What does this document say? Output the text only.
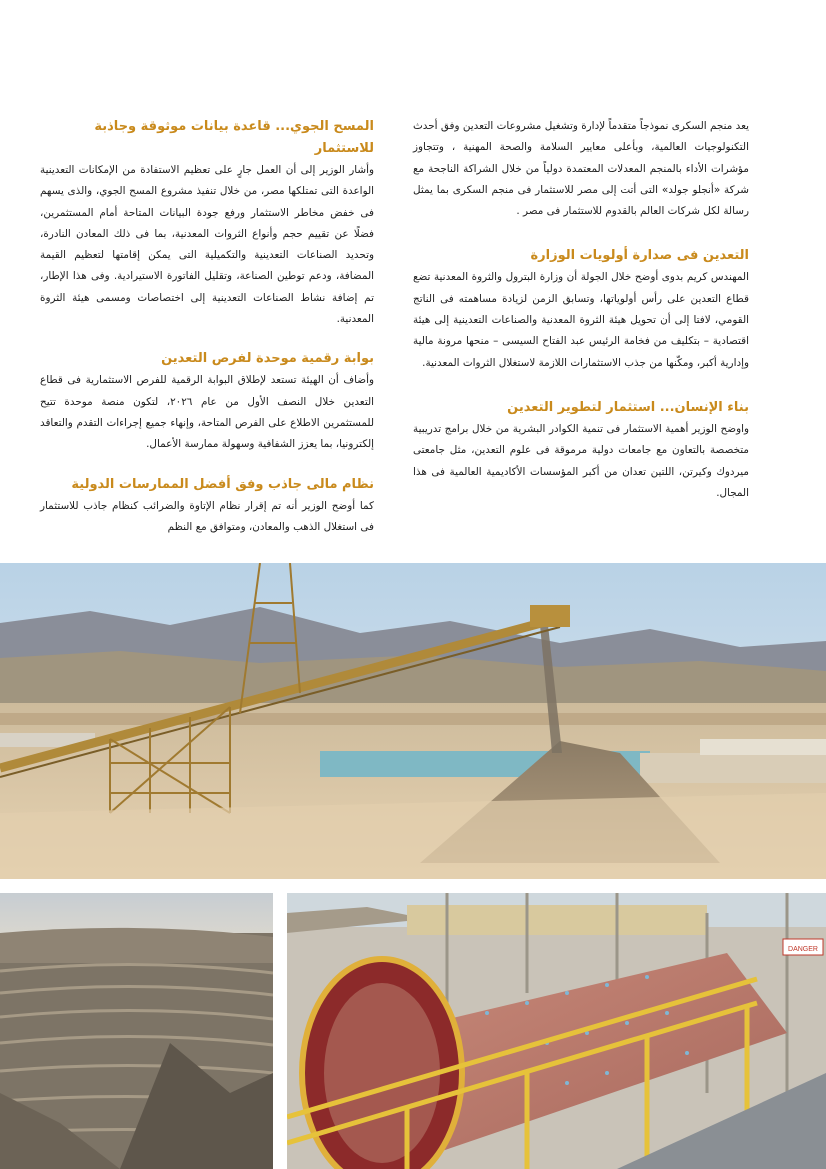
يعد منجم السكرى نموذجاً متقدماً لإدارة وتشغيل مشروعات التعدين وفق أحدث التكنولوجيات العالمية، وبأعلى معايير السلامة والصحة المهنية ، وتتجاوز مؤشرات الأداء بالمنجم المعدلات المعتمدة دولياً من خلال الشراكة الناجحة مع شركة «أنجلو جولد» التى أتت إلى مصر للاستثمار فى منجم السكرى بما يمثل رسالة لكل شركات العالم بالقدوم للاستثمار فى مصر .

التعدين فى صدارة أولويات الوزارة

المهندس كريم بدوى أوضح خلال الجولة أن وزارة البترول والثروة المعدنية تضع قطاع التعدين على رأس أولوياتها، وتسابق الزمن لزيادة مساهمته فى الناتج القومي، لافتا إلى أن تحويل هيئة الثروة المعدنية والصناعات التعدينية إلى هيئة اقتصادية – بتكليف من فخامة الرئيس عبد الفتاح السيسى – منحها مرونة مالية وإدارية أكبر، ومكّنها من جذب الاستثمارات اللازمة لاستغلال الثروات المعدنية.

بناء الإنسان... استثمار لتطوير التعدين

واوضح الوزير أهمية الاستثمار فى تنمية الكوادر البشرية من خلال برامج تدريبية متخصصة بالتعاون مع جامعات دولية مرموقة فى علوم التعدين، مثل جامعتى ميردوك وكيرتن، اللتين تعدان من أكبر المؤسسات الأكاديمية العالمية فى هذا المجال.

المسح الجوي... قاعدة بيانات موثوقة وجاذبة للاستثمار

وأشار الوزير إلى أن العمل جارٍ على تعظيم الاستفادة من الإمكانات التعدينية الواعدة التى تمتلكها مصر، من خلال تنفيذ مشروع المسح الجوي، والذى يسهم فى خفض مخاطر الاستثمار ورفع جودة البيانات المتاحة أمام المستثمرين، فضلًا عن تقييم حجم وأنواع الثروات المعدنية، بما فى ذلك المعادن النادرة، وتحديد الصناعات التعدينية والتكميلية التى يمكن إقامتها لتعظيم القيمة المضافة، ودعم توطين الصناعة، وتقليل الفاتورة الاستيرادية. وفى هذا الإطار، تم إضافة نشاط الصناعات التعدينية إلى اختصاصات ومسمى هيئة الثروة المعدنية.

بوابة رقمية موحدة لفرص التعدين

وأضاف أن الهيئة تستعد لإطلاق البوابة الرقمية للفرص الاستثمارية فى قطاع التعدين خلال النصف الأول من عام ٢٠٢٦، لتكون منصة موحدة تتيح للمستثمرين الاطلاع على الفرص المتاحة، وإنهاء جميع إجراءات التقدم والتعاقد إلكترونيا، بما يعزز الشفافية وسهولة ممارسة الأعمال.

نظام مالى جاذب وفق أفضل الممارسات الدولية

كما أوضح الوزير أنه تم إقرار نظام الإتاوة والضرائب كنظام جاذب للاستثمار فى استغلال الذهب والمعادن، ومتوافق مع النظم

DANGER
